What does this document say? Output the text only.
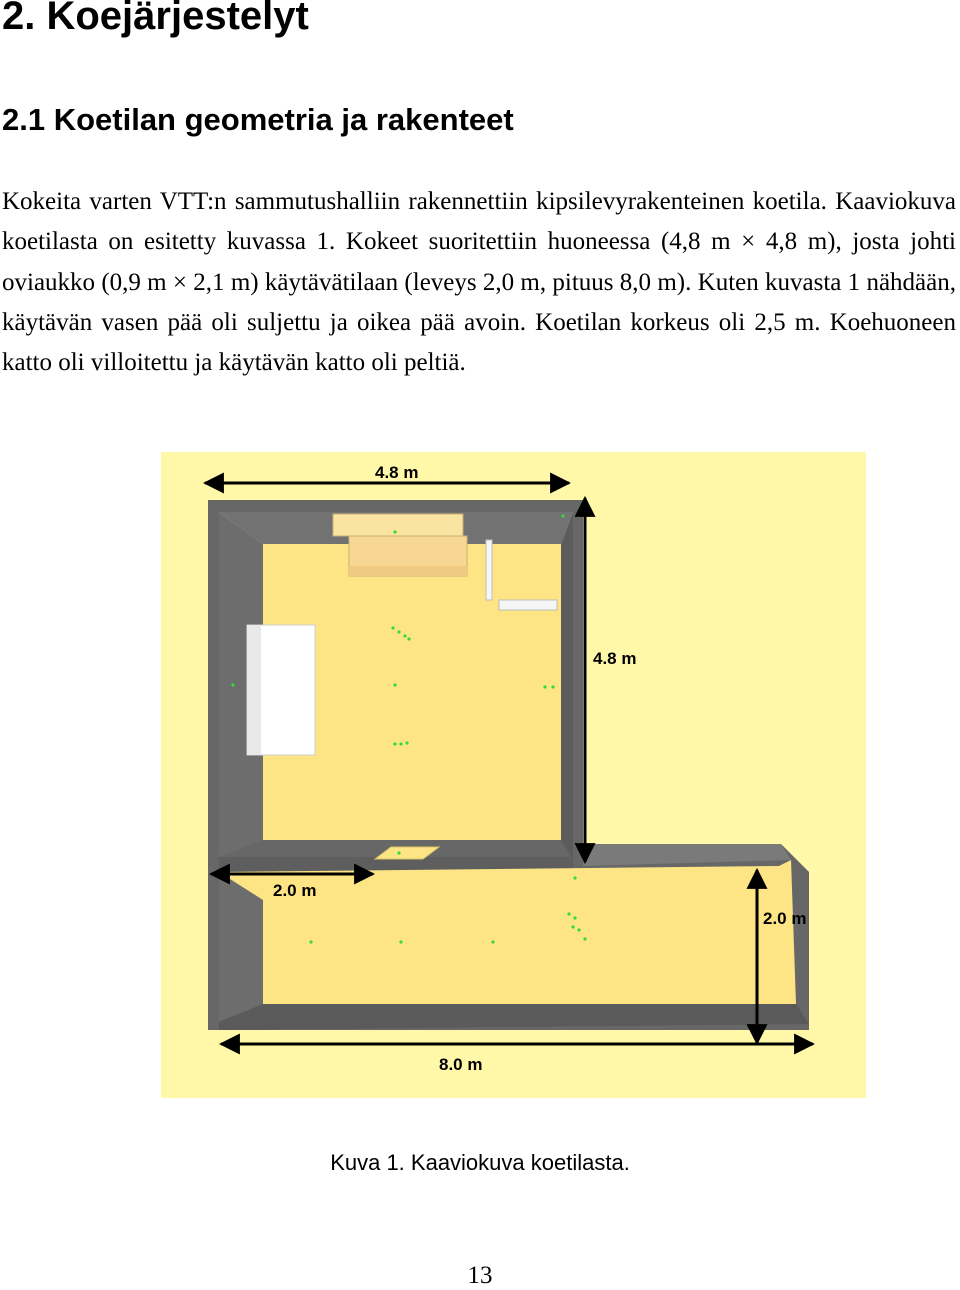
2. Koejärjestelyt
2.1 Koetilan geometria ja rakenteet

Kokeita varten VTT:n sammutushalliin rakennettiin kipsilevyrakenteinen koetila. Kaaviokuva koetilasta on esitetty kuvassa 1. Kokeet suoritettiin huoneessa (4,8 m × 4,8 m), josta johti oviaukko (0,9 m × 2,1 m) käytävätilaan (leveys 2,0 m, pituus 8,0 m). Kuten kuvasta 1 nähdään, käytävän vasen pää oli suljettu ja oikea pää avoin. Koetilan korkeus oli 2,5 m. Koehuoneen katto oli villoitettu ja käytävän katto oli peltiä.

4.8 m
4.8 m
2.0 m
2.0 m
8.0 m
Kuva 1. Kaaviokuva koetilasta.
13
